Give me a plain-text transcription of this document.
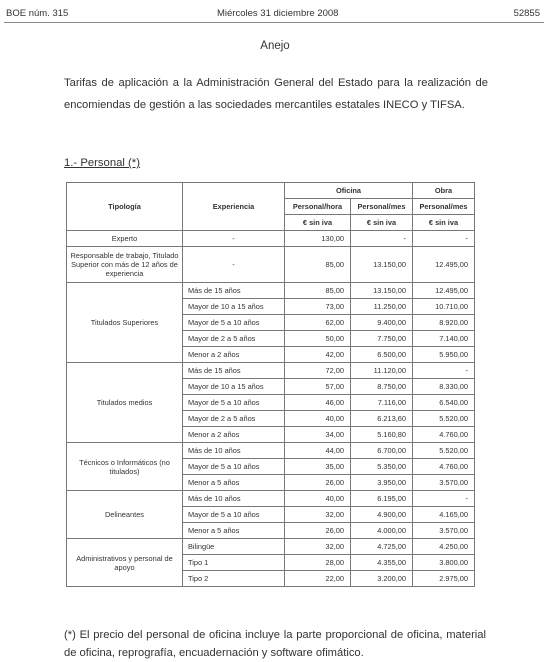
BOE núm. 315	Miércoles 31 diciembre 2008	52855
Anejo

Tarifas de aplicación a la Administración General del Estado para la realización de encomiendas de gestión a las sociedades mercantiles estatales INECO y TIFSA.

1.- Personal (*)
Tipología	Experiencia	Oficina		Obra
		Personal/hora	Personal/mes	Personal/mes
		€ sin iva	€ sin iva	€ sin iva
Experto	-	130,00	-	-
Responsable de trabajo, Titulado Superior con más de 12 años de experiencia	-	85,00	13.150,00	12.495,00
Titulados Superiores	Más de 15 años	85,00	13.150,00	12.495,00
	Mayor de 10 a 15 años	73,00	11.250,00	10.710,00
	Mayor de 5 a 10 años	62,00	9.400,00	8.920,00
	Mayor de 2 a 5 años	50,00	7.750,00	7.140,00
	Menor a 2 años	42,00	6.500,00	5.950,00
Titulados medios	Más de 15 años	72,00	11.120,00	-
	Mayor de 10 a 15 años	57,00	8.750,00	8.330,00
	Mayor de 5 a 10 años	46,00	7.116,00	6.540,00
	Mayor de 2 a 5 años	40,00	6.213,60	5.520,00
	Menor a 2 años	34,00	5.160,80	4.760,00
Técnicos o Informáticos (no titulados)	Más de 10 años	44,00	6.700,00	5.520,00
	Mayor de 5 a 10 años	35,00	5.350,00	4.760,00
	Menor a 5 años	26,00	3.950,00	3.570,00
Delineantes	Más de 10 años	40,00	6.195,00	-
	Mayor de 5 a 10 años	32,00	4.900,00	4.165,00
	Menor a 5 años	26,00	4.000,00	3.570,00
Administrativos y personal de apoyo	Bilingüe	32,00	4.725,00	4.250,00
	Tipo 1	28,00	4.355,00	3.800,00
	Tipo 2	22,00	3.200,00	2.975,00

(*) El precio del personal de oficina incluye la parte proporcional de oficina, material de oficina, reprografía, encuadernación y software ofimático.
